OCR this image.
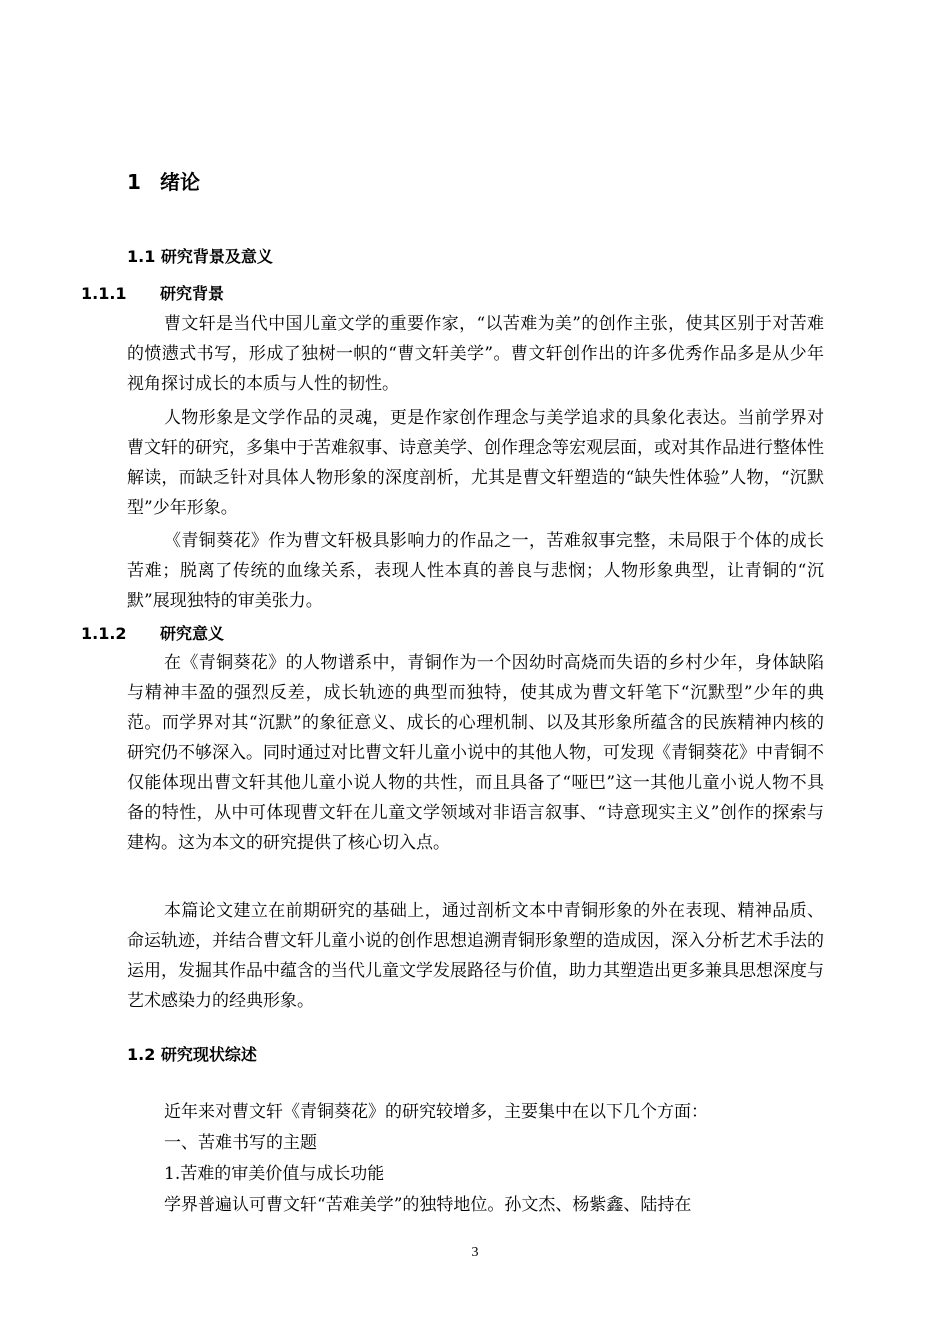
1 绪论
1.1 研究背景及意义
1.1.1 研究背景

曹文轩是当代中国儿童文学的重要作家，“以苦难为美”的创作主张，使其区别于对苦难的愤懑式书写，形成了独树一帜的“曹文轩美学”。曹文轩创作出的许多优秀作品多是从少年视角探讨成长的本质与人性的韧性。

人物形象是文学作品的灵魂，更是作家创作理念与美学追求的具象化表达。当前学界对曹文轩的研究，多集中于苦难叙事、诗意美学、创作理念等宏观层面，或对其作品进行整体性解读，而缺乏针对具体人物形象的深度剖析，尤其是曹文轩塑造的“缺失性体验”人物，“沉默型”少年形象。

《青铜葵花》作为曹文轩极具影响力的作品之一，苦难叙事完整，未局限于个体的成长苦难；脱离了传统的血缘关系，表现人性本真的善良与悲悯；人物形象典型，让青铜的“沉默”展现独特的审美张力。

1.1.2 研究意义

在《青铜葵花》的人物谱系中，青铜作为一个因幼时高烧而失语的乡村少年，身体缺陷与精神丰盈的强烈反差，成长轨迹的典型而独特，使其成为曹文轩笔下“沉默型”少年的典范。而学界对其“沉默”的象征意义、成长的心理机制、以及其形象所蕴含的民族精神内核的研究仍不够深入。同时通过对比曹文轩儿童小说中的其他人物，可发现《青铜葵花》中青铜不仅能体现出曹文轩其他儿童小说人物的共性，而且具备了“哑巴”这一其他儿童小说人物不具备的特性，从中可体现曹文轩在儿童文学领域对非语言叙事、“诗意现实主义”创作的探索与建构。这为本文的研究提供了核心切入点。

本篇论文建立在前期研究的基础上，通过剖析文本中青铜形象的外在表现、精神品质、命运轨迹，并结合曹文轩儿童小说的创作思想追溯青铜形象塑的造成因，深入分析艺术手法的运用，发掘其作品中蕴含的当代儿童文学发展路径与价值，助力其塑造出更多兼具思想深度与艺术感染力的经典形象。

1.2 研究现状综述

近年来对曹文轩《青铜葵花》的研究较增多，主要集中在以下几个方面：

一、苦难书写的主题

1.苦难的审美价值与成长功能

学界普遍认可曹文轩“苦难美学”的独特地位。孙文杰、杨紫鑫、陆持在

3
